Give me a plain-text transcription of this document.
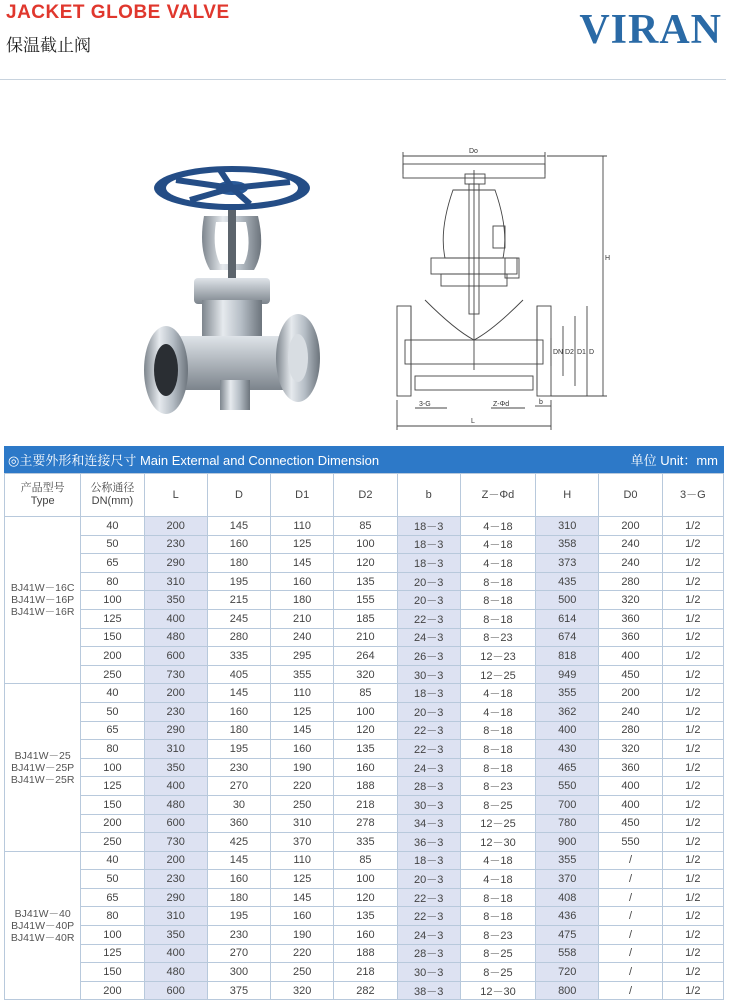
JACKET GLOBE VALVE
保温截止阀	VIRAN
Do
H
DN D2 D1 D
3-G	Z-Φd	b
L
◎主要外形和连接尺寸 Main External and Connection Dimension	单位 Unit：mm
产品型号
Type	公称通径
DN(mm)	L	D	D1	D2	b	Z－Φd	H	D0	3－G
BJ41W－16C
BJ41W－16P
BJ41W－16R	40	200	145	110	85	18－3	4－18	310	200	1/2
	50	230	160	125	100	18－3	4－18	358	240	1/2
	65	290	180	145	120	18－3	4－18	373	240	1/2
	80	310	195	160	135	20－3	8－18	435	280	1/2
	100	350	215	180	155	20－3	8－18	500	320	1/2
	125	400	245	210	185	22－3	8－18	614	360	1/2
	150	480	280	240	210	24－3	8－23	674	360	1/2
	200	600	335	295	264	26－3	12－23	818	400	1/2
	250	730	405	355	320	30－3	12－25	949	450	1/2
BJ41W－25
BJ41W－25P
BJ41W－25R	40	200	145	110	85	18－3	4－18	355	200	1/2
	50	230	160	125	100	20－3	4－18	362	240	1/2
	65	290	180	145	120	22－3	8－18	400	280	1/2
	80	310	195	160	135	22－3	8－18	430	320	1/2
	100	350	230	190	160	24－3	8－18	465	360	1/2
	125	400	270	220	188	28－3	8－23	550	400	1/2
	150	480	30	250	218	30－3	8－25	700	400	1/2
	200	600	360	310	278	34－3	12－25	780	450	1/2
	250	730	425	370	335	36－3	12－30	900	550	1/2
BJ41W－40
BJ41W－40P
BJ41W－40R	40	200	145	110	85	18－3	4－18	355	/	1/2
	50	230	160	125	100	20－3	4－18	370	/	1/2
	65	290	180	145	120	22－3	8－18	408	/	1/2
	80	310	195	160	135	22－3	8－18	436	/	1/2
	100	350	230	190	160	24－3	8－23	475	/	1/2
	125	400	270	220	188	28－3	8－25	558	/	1/2
	150	480	300	250	218	30－3	8－25	720	/	1/2
	200	600	375	320	282	38－3	12－30	800	/	1/2
